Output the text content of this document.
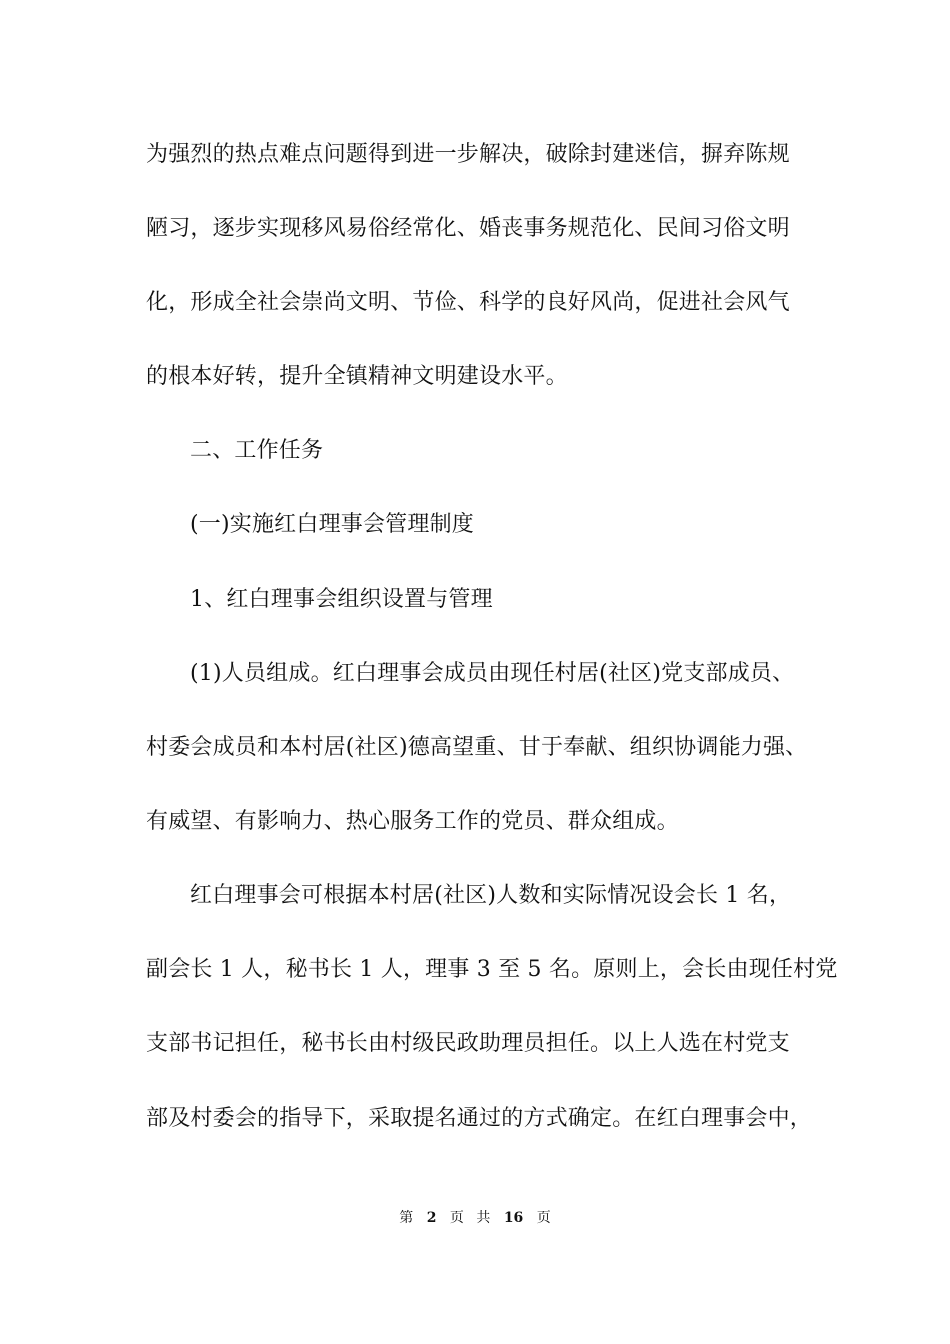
为强烈的热点难点问题得到进一步解决，破除封建迷信，摒弃陈规
陋习，逐步实现移风易俗经常化、婚丧事务规范化、民间习俗文明
化，形成全社会崇尚文明、节俭、科学的良好风尚，促进社会风气
的根本好转，提升全镇精神文明建设水平。
二、工作任务
(一)实施红白理事会管理制度
1、红白理事会组织设置与管理
(1)人员组成。红白理事会成员由现任村居(社区)党支部成员、
村委会成员和本村居(社区)德高望重、甘于奉献、组织协调能力强、
有威望、有影响力、热心服务工作的党员、群众组成。
红白理事会可根据本村居(社区)人数和实际情况设会长 1 名，
副会长 1 人，秘书长 1 人，理事 3 至 5 名。原则上，会长由现任村党
支部书记担任，秘书长由村级民政助理员担任。以上人选在村党支
部及村委会的指导下，采取提名通过的方式确定。在红白理事会中，
第 2 页 共 16 页
